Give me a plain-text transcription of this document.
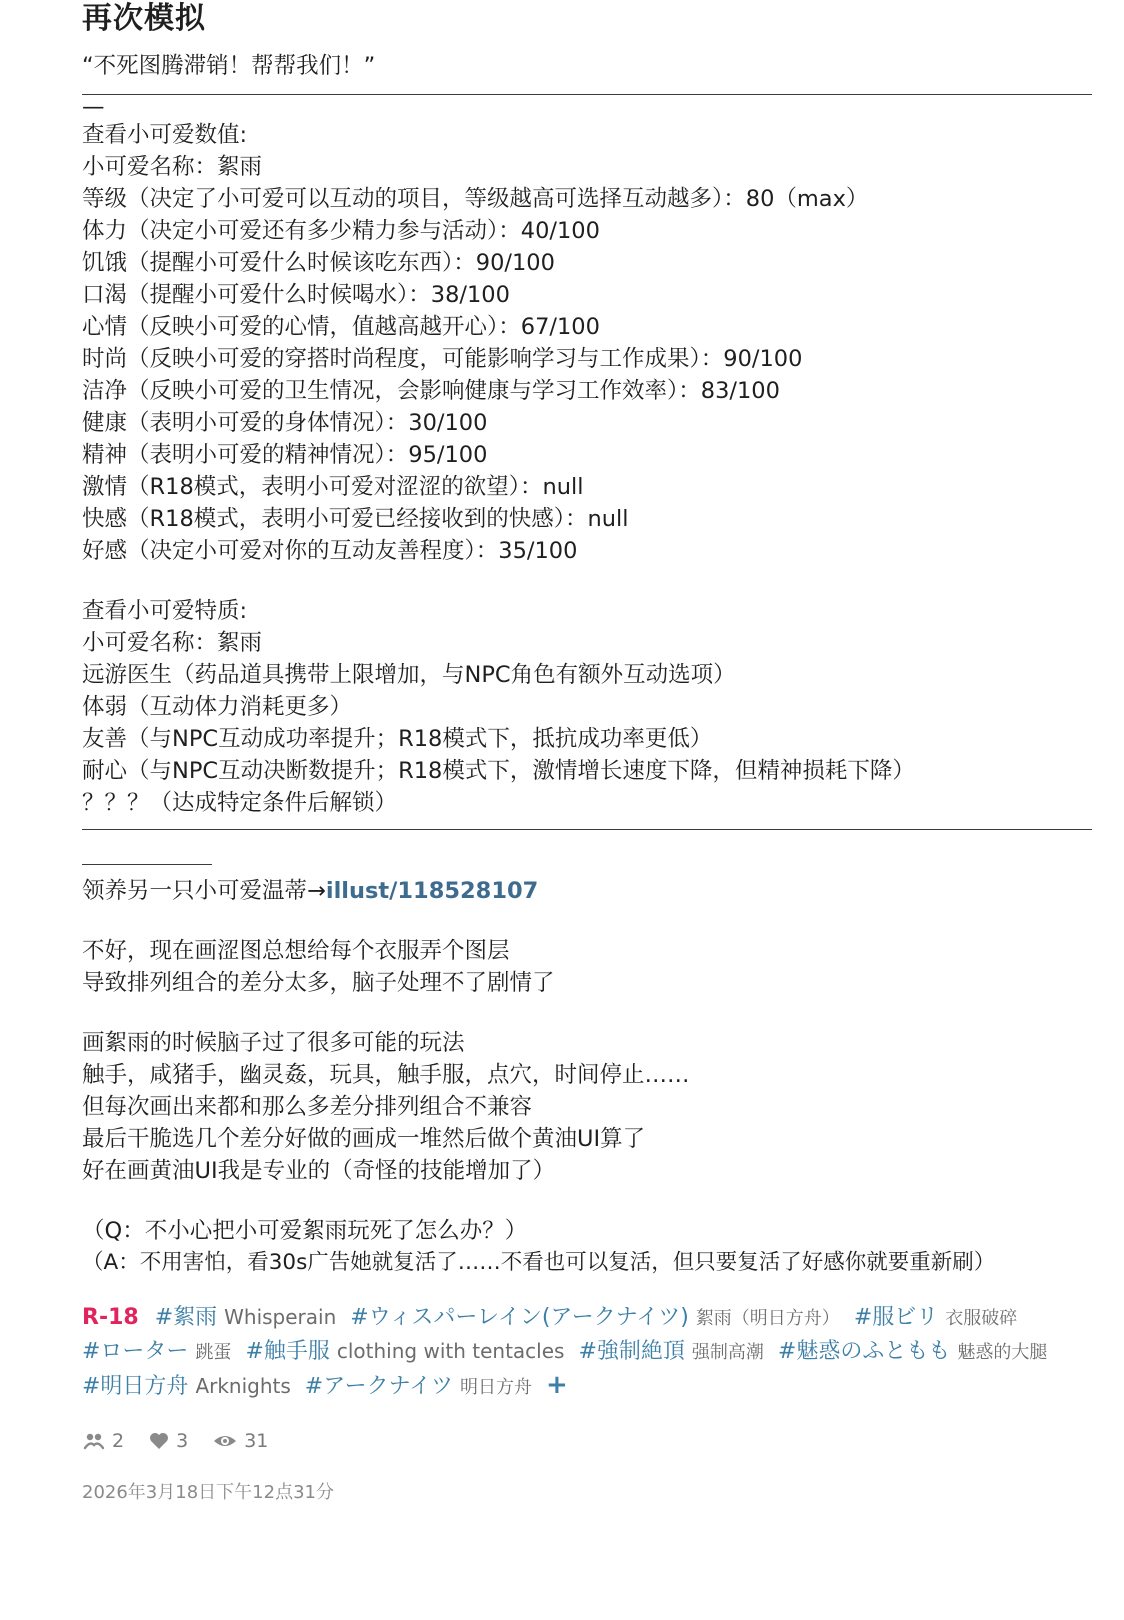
再次模拟
“不死图腾滞销！帮帮我们！”
—
查看小可爱数值:
小可爱名称：絮雨
等级（决定了小可爱可以互动的项目，等级越高可选择互动越多）：80（max）
体力（决定小可爱还有多少精力参与活动）：40/100
饥饿（提醒小可爱什么时候该吃东西）：90/100
口渴（提醒小可爱什么时候喝水）：38/100
心情（反映小可爱的心情，值越高越开心）：67/100
时尚（反映小可爱的穿搭时尚程度，可能影响学习与工作成果）：90/100
洁净（反映小可爱的卫生情况，会影响健康与学习工作效率）：83/100
健康（表明小可爱的身体情况）：30/100
精神（表明小可爱的精神情况）：95/100
激情（R18模式，表明小可爱对涩涩的欲望）：null
快感（R18模式，表明小可爱已经接收到的快感）：null
好感（决定小可爱对你的互动友善程度）：35/100
查看小可爱特质:
小可爱名称：絮雨
远游医生（药品道具携带上限增加，与NPC角色有额外互动选项）
体弱（互动体力消耗更多）
友善（与NPC互动成功率提升；R18模式下，抵抗成功率更低）
耐心（与NPC互动决断数提升；R18模式下，激情增长速度下降，但精神损耗下降）
？？？（达成特定条件后解锁）
领养另一只小可爱温蒂→illust/118528107
不好，现在画涩图总想给每个衣服弄个图层
导致排列组合的差分太多，脑子处理不了剧情了
画絮雨的时候脑子过了很多可能的玩法
触手，咸猪手，幽灵姦，玩具，触手服，点穴，时间停止……
但每次画出来都和那么多差分排列组合不兼容
最后干脆选几个差分好做的画成一堆然后做个黄油UI算了
好在画黄油UI我是专业的（奇怪的技能增加了）
（Q：不小心把小可爱絮雨玩死了怎么办？）
（A：不用害怕，看30s广告她就复活了……不看也可以复活，但只要复活了好感你就要重新刷）
R-18 #絮雨 Whisperain #ウィスパーレイン(アークナイツ) 絮雨（明日方舟） #服ビリ 衣服破碎#ローター 跳蛋 #触手服 clothing with tentacles #強制絶頂 强制高潮 #魅惑のふともも 魅惑的大腿#明日方舟 Arknights #アークナイツ 明日方舟 +
2	3	31
2026年3月18日下午12点31分
